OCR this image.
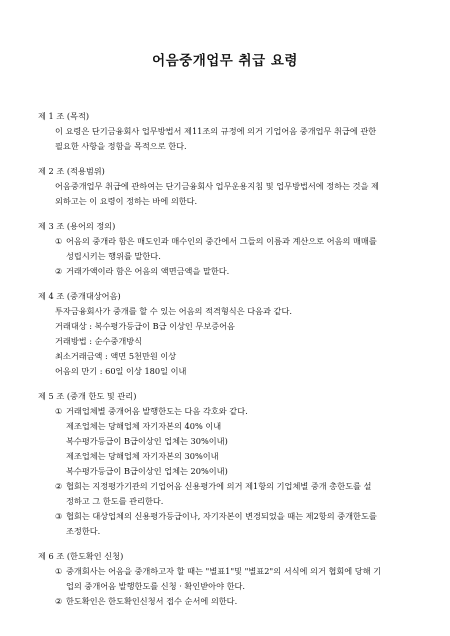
어음중개업무 취급 요령
제 1 조 (목적)
이 요령은 단기금융회사 업무방법서 제11조의 규정에 의거 기업어음 중개업무 취급에 관한
필요한 사항을 정함을 목적으로 한다.
제 2 조 (적용범위)
어음중개업무 취급에 관하여는 단기금융회사 업무운용지침 및 업무방법서에 정하는 것을 제
외하고는 이 요령이 정하는 바에 의한다.
제 3 조 (용어의 정의)
① 어음의 중개라 함은 매도인과 매수인의 중간에서 그들의 이름과 계산으로 어음의 매매를
성립시키는 행위를 말한다.
② 거래가액이라 함은 어음의 액면금액을 말한다.
제 4 조 (중개대상어음)
투자금융회사가 중개를 할 수 있는 어음의 적격형식은 다음과 같다.
거래대상 : 복수평가등급이 B급 이상인 무보증어음
거래방법 : 순수중개방식
최소거래금액 : 액면 5천만원 이상
어음의 만기 : 60일 이상 180일 이내
제 5 조 (중개 한도 및 관리)
① 거래업체별 중개어음 발행한도는 다음 각호와 같다.
제조업체는 당해업체 자기자본의 40% 이내
복수평가등급이 B급이상인 업체는 30%이내)
제조업체는 당해업체 자기자본의 30%이내
복수평가등급이 B급이상인 업체는 20%이내)
② 협회는 지정평가기관의 기업어음 신용평가에 의거 제1항의 기업체별 중개 총한도를 설
정하고 그 한도를 관리한다.
③ 협회는 대상업체의 신용평가등급이나, 자기자본이 변경되었을 때는 제2항의 중개한도를
조정한다.
제 6 조 (한도확인 신청)
① 중개회사는 어음을 중개하고자 할 때는 "별표1"및 "별표2"의 서식에 의거 협회에 당해 기
업의 중개어음 발행한도를 신청 · 확인받아야 한다.
② 한도확인은 한도확인신청서 접수 순서에 의한다.
